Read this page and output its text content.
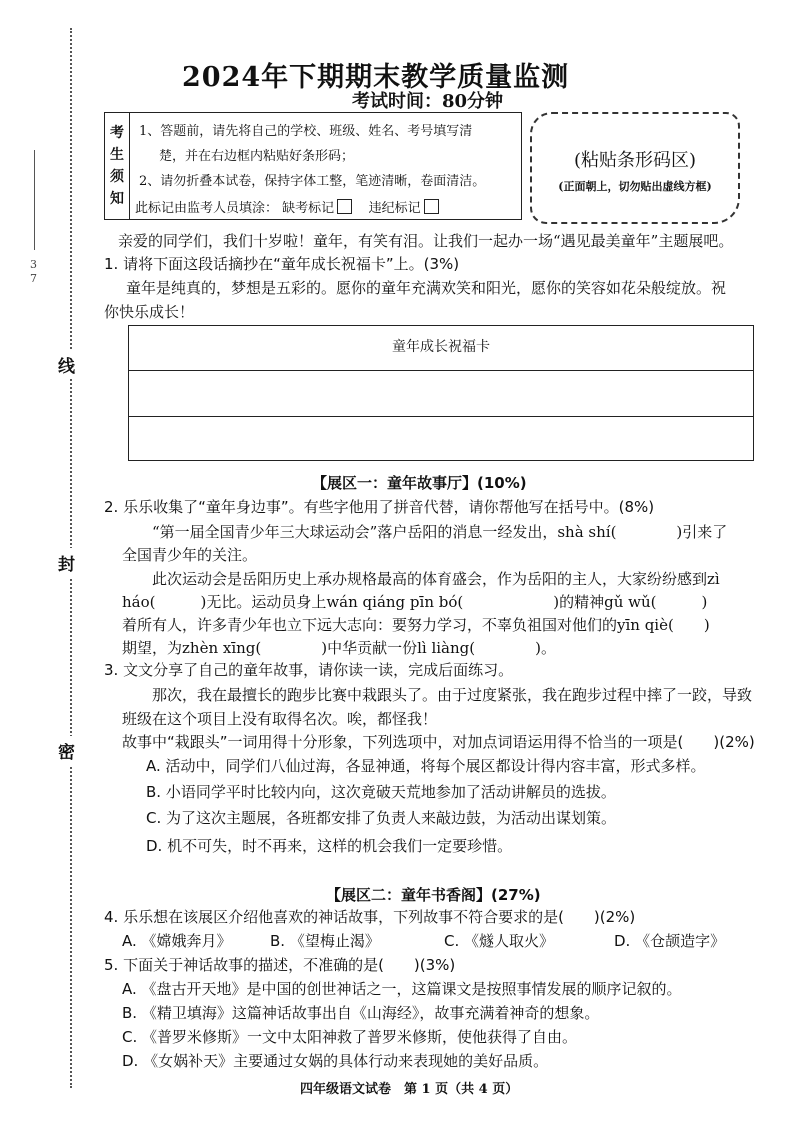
3
7
线
封
密
2024年下期期末教学质量监测
考试时间：80分钟
考
生
须
知

1、答题前，请先将自己的学校、班级、姓名、考号填写清

楚，并在右边框内粘贴好条形码；

2、请勿折叠本试卷，保持字体工整，笔迹清晰，卷面清洁。

此标记由监考人员填涂： 缺考标记	违纪标记
(粘贴条形码区)
(正面朝上，切勿贴出虚线方框)
亲爱的同学们，我们十岁啦！童年，有笑有泪。让我们一起办一场“遇见最美童年”主题展吧。
1. 请将下面这段话摘抄在“童年成长祝福卡”上。(3%)
童年是纯真的，梦想是五彩的。愿你的童年充满欢笑和阳光，愿你的笑容如花朵般绽放。祝
你快乐成长！
童年成长祝福卡
【展区一：童年故事厅】(10%)
2. 乐乐收集了“童年身边事”。有些字他用了拼音代替，请你帮他写在括号中。(8%)
“第一届全国青少年三大球运动会”落户岳阳的消息一经发出，shà shí(　　　　)引来了
全国青少年的关注。
此次运动会是岳阳历史上承办规格最高的体育盛会，作为岳阳的主人，大家纷纷感到zì
háo(　　　)无比。运动员身上wán qiáng pīn bó(　　　　　　)的精神gǔ wǔ(　　　)
着所有人，许多青少年也立下远大志向：要努力学习，不辜负祖国对他们的yīn qiè(　　)
期望，为zhèn xīng(　　　　)中华贡献一份lì liàng(　　　　)。
3. 文文分享了自己的童年故事，请你读一读，完成后面练习。
那次，我在最擅长的跑步比赛中栽跟头了。由于过度紧张，我在跑步过程中摔了一跤，导致
班级在这个项目上没有取得名次。唉，都怪我！
故事中“栽跟头”一词用得十分形象，下列选项中，对加点词语运用得不恰当的一项是(　　)(2%)
A. 活动中，同学们八仙过海，各显神通，将每个展区都设计得内容丰富，形式多样。
B. 小语同学平时比较内向，这次竟破天荒地参加了活动讲解员的选拔。
C. 为了这次主题展，各班都安排了负责人来敲边鼓，为活动出谋划策。
D. 机不可失，时不再来，这样的机会我们一定要珍惜。
【展区二：童年书香阁】(27%)
4. 乐乐想在该展区介绍他喜欢的神话故事，下列故事不符合要求的是(　　)(2%)
A. 《嫦娥奔月》	B. 《望梅止渴》	C. 《燧人取火》	D. 《仓颉造字》
5. 下面关于神话故事的描述，不准确的是(　　)(3%)
A. 《盘古开天地》是中国的创世神话之一，这篇课文是按照事情发展的顺序记叙的。
B. 《精卫填海》这篇神话故事出自《山海经》，故事充满着神奇的想象。
C. 《普罗米修斯》一文中太阳神救了普罗米修斯，使他获得了自由。
D. 《女娲补天》主要通过女娲的具体行动来表现她的美好品质。
四年级语文试卷　第 1 页（共 4 页）
